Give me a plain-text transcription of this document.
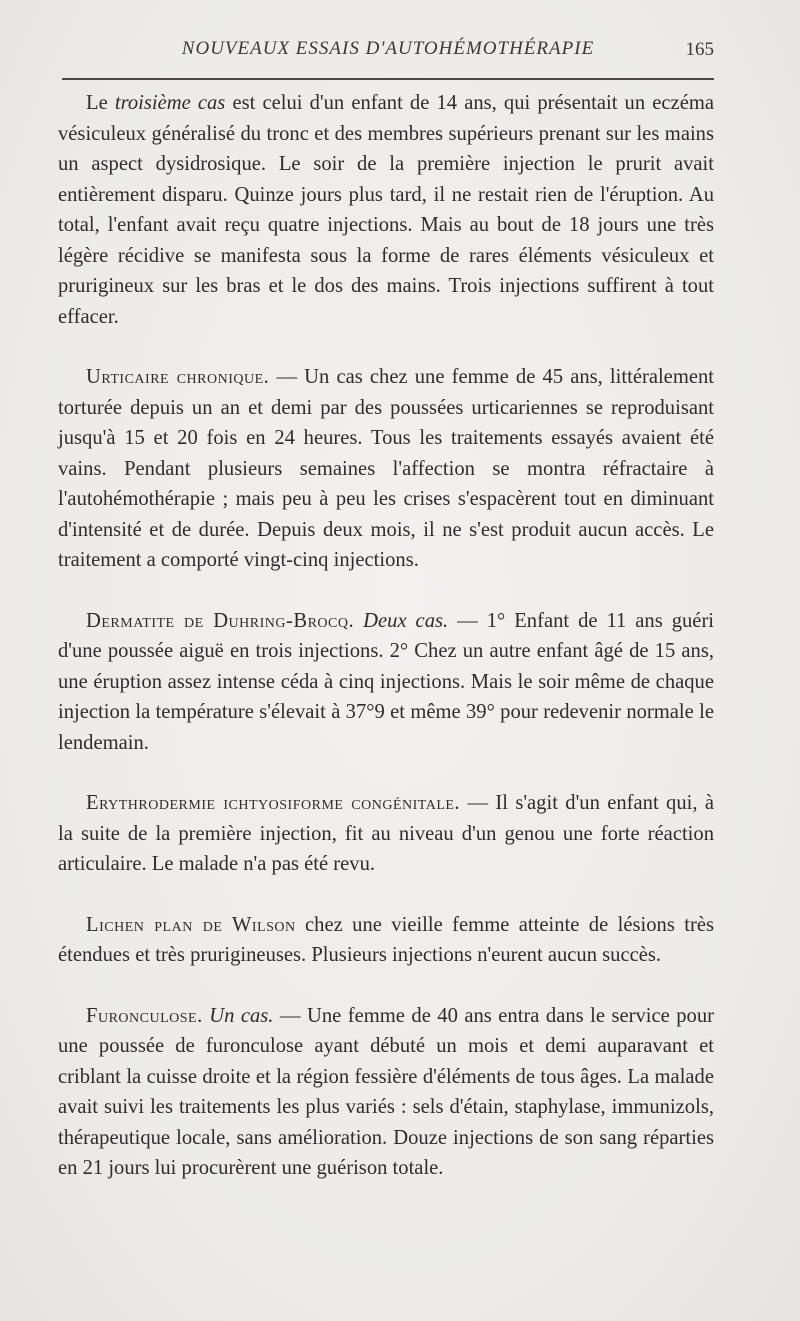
NOUVEAUX ESSAIS D'AUTOHÉMOTHÉRAPIE	165

Le troisième cas est celui d'un enfant de 14 ans, qui présentait un eczéma vésiculeux généralisé du tronc et des membres supérieurs prenant sur les mains un aspect dysidrosique. Le soir de la première injection le prurit avait entièrement disparu. Quinze jours plus tard, il ne restait rien de l'éruption. Au total, l'enfant avait reçu quatre injections. Mais au bout de 18 jours une très légère récidive se manifesta sous la forme de rares éléments vésiculeux et prurigineux sur les bras et le dos des mains. Trois injections suffirent à tout effacer.

Urticaire chronique. — Un cas chez une femme de 45 ans, littéralement torturée depuis un an et demi par des poussées urticariennes se reproduisant jusqu'à 15 et 20 fois en 24 heures. Tous les traitements essayés avaient été vains. Pendant plusieurs semaines l'affection se montra réfractaire à l'autohémothérapie ; mais peu à peu les crises s'espacèrent tout en diminuant d'intensité et de durée. Depuis deux mois, il ne s'est produit aucun accès. Le traitement a comporté vingt-cinq injections.

Dermatite de Duhring-Brocq. Deux cas. — 1° Enfant de 11 ans guéri d'une poussée aiguë en trois injections. 2° Chez un autre enfant âgé de 15 ans, une éruption assez intense céda à cinq injections. Mais le soir même de chaque injection la température s'élevait à 37°9 et même 39° pour redevenir normale le lendemain.

Erythrodermie ichtyosiforme congénitale. — Il s'agit d'un enfant qui, à la suite de la première injection, fit au niveau d'un genou une forte réaction articulaire. Le malade n'a pas été revu.

Lichen plan de Wilson chez une vieille femme atteinte de lésions très étendues et très prurigineuses. Plusieurs injections n'eurent aucun succès.

Furonculose. Un cas. — Une femme de 40 ans entra dans le service pour une poussée de furonculose ayant débuté un mois et demi auparavant et criblant la cuisse droite et la région fessière d'éléments de tous âges. La malade avait suivi les traitements les plus variés : sels d'étain, staphylase, immunizols, thérapeutique locale, sans amélioration. Douze injections de son sang réparties en 21 jours lui procurèrent une guérison totale.
